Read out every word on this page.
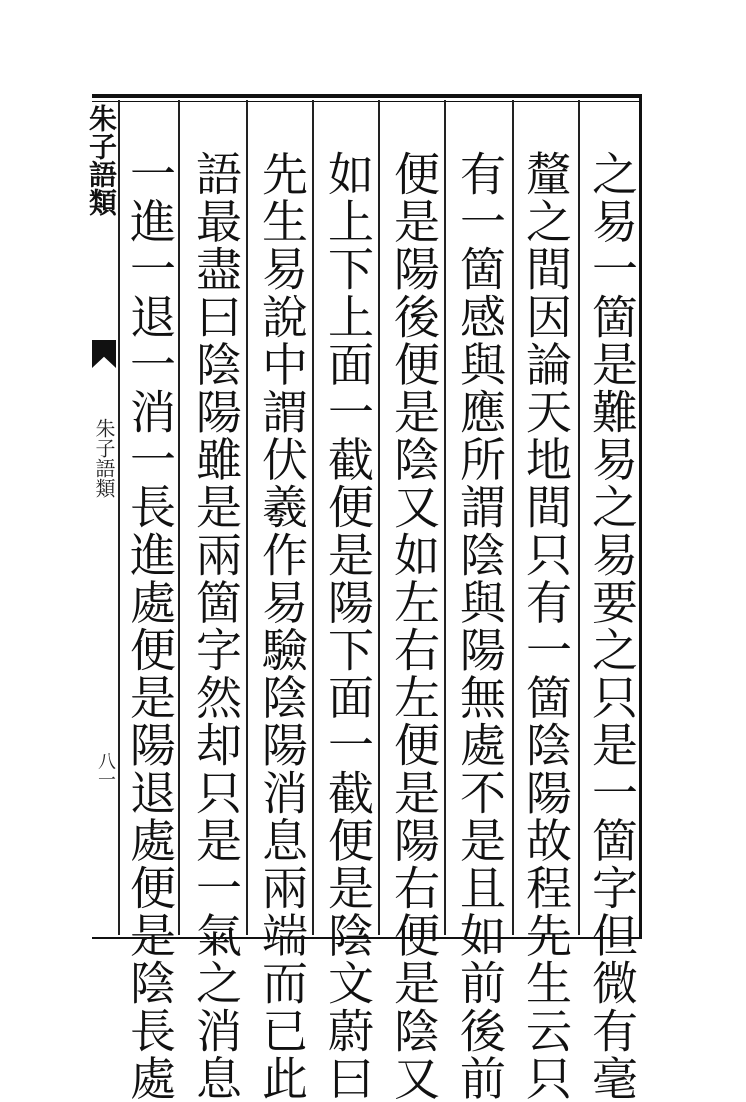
朱子語類
朱子語類
八一	之易一箇是難易之易要之只是一箇字但微有毫
釐之間因論天地間只有一箇陰陽故程先生云只
有一箇感與應所謂陰與陽無處不是且如前後前
便是陽後便是陰又如左右左便是陽右便是陰又
如上下上面一截便是陽下面一截便是陰文蔚曰
先生易說中謂伏羲作易驗陰陽消息兩端而已此
語最盡曰陰陽雖是兩箇字然却只是一氣之消息
一進一退一消一長進處便是陽退處便是陰長處
